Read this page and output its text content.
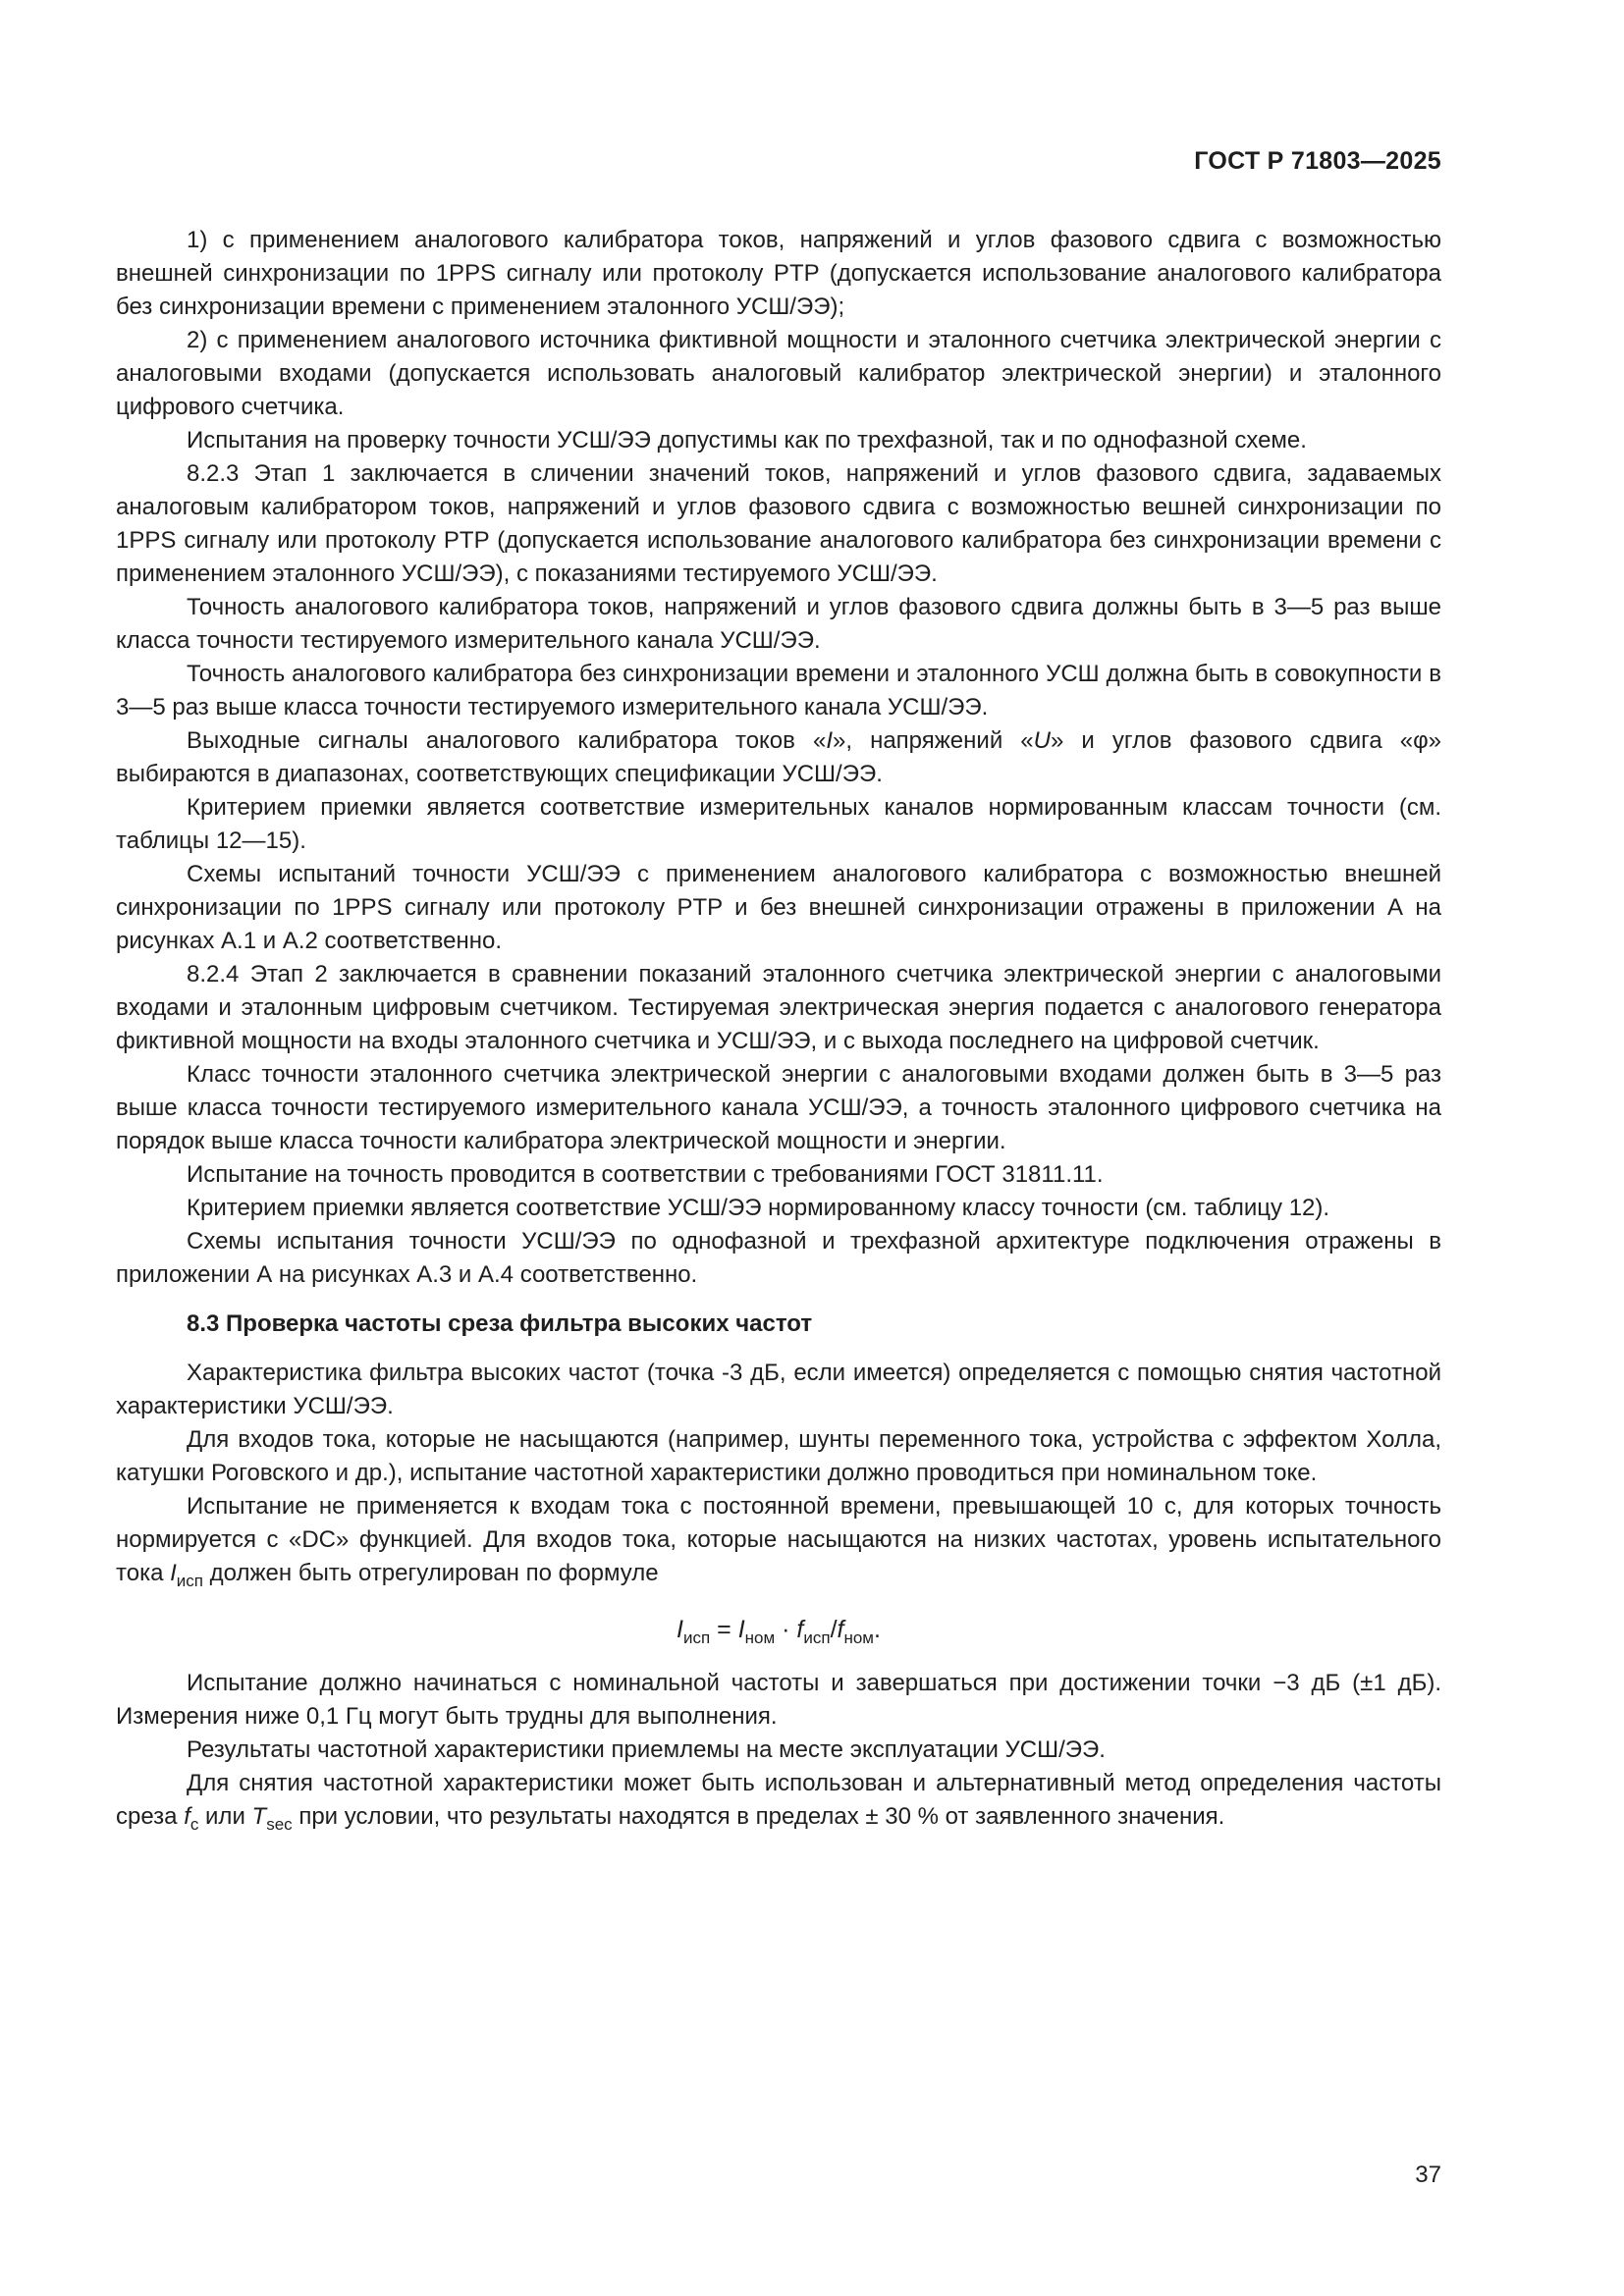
ГОСТ Р 71803—2025

1) с применением аналогового калибратора токов, напряжений и углов фазового сдвига с возможностью внешней синхронизации по 1PPS сигналу или протоколу PTP (допускается использование аналогового калибратора без синхронизации времени с применением эталонного УСШ/ЭЭ);

2) с применением аналогового источника фиктивной мощности и эталонного счетчика электрической энергии с аналоговыми входами (допускается использовать аналоговый калибратор электрической энергии) и эталонного цифрового счетчика.

Испытания на проверку точности УСШ/ЭЭ допустимы как по трехфазной, так и по однофазной схеме.

8.2.3 Этап 1 заключается в сличении значений токов, напряжений и углов фазового сдвига, задаваемых аналоговым калибратором токов, напряжений и углов фазового сдвига с возможностью вешней синхронизации по 1PPS сигналу или протоколу PTP (допускается использование аналогового калибратора без синхронизации времени с применением эталонного УСШ/ЭЭ), с показаниями тестируемого УСШ/ЭЭ.

Точность аналогового калибратора токов, напряжений и углов фазового сдвига должны быть в 3—5 раз выше класса точности тестируемого измерительного канала УСШ/ЭЭ.

Точность аналогового калибратора без синхронизации времени и эталонного УСШ должна быть в совокупности в 3—5 раз выше класса точности тестируемого измерительного канала УСШ/ЭЭ.

Выходные сигналы аналогового калибратора токов «I», напряжений «U» и углов фазового сдвига «φ» выбираются в диапазонах, соответствующих спецификации УСШ/ЭЭ.

Критерием приемки является соответствие измерительных каналов нормированным классам точности (см. таблицы 12—15).

Схемы испытаний точности УСШ/ЭЭ с применением аналогового калибратора с возможностью внешней синхронизации по 1PPS сигналу или протоколу PTP и без внешней синхронизации отражены в приложении А на рисунках А.1 и А.2 соответственно.

8.2.4 Этап 2 заключается в сравнении показаний эталонного счетчика электрической энергии с аналоговыми входами и эталонным цифровым счетчиком. Тестируемая электрическая энергия подается с аналогового генератора фиктивной мощности на входы эталонного счетчика и УСШ/ЭЭ, и с выхода последнего на цифровой счетчик.

Класс точности эталонного счетчика электрической энергии с аналоговыми входами должен быть в 3—5 раз выше класса точности тестируемого измерительного канала УСШ/ЭЭ, а точность эталонного цифрового счетчика на порядок выше класса точности калибратора электрической мощности и энергии.

Испытание на точность проводится в соответствии с требованиями ГОСТ 31811.11.

Критерием приемки является соответствие УСШ/ЭЭ нормированному классу точности (см. таблицу 12).

Схемы испытания точности УСШ/ЭЭ по однофазной и трехфазной архитектуре подключения отражены в приложении А на рисунках А.3 и А.4 соответственно.

8.3 Проверка частоты среза фильтра высоких частот

Характеристика фильтра высоких частот (точка -3 дБ, если имеется) определяется с помощью снятия частотной характеристики УСШ/ЭЭ.

Для входов тока, которые не насыщаются (например, шунты переменного тока, устройства с эффектом Холла, катушки Роговского и др.), испытание частотной характеристики должно проводиться при номинальном токе.

Испытание не применяется к входам тока с постоянной времени, превышающей 10 с, для которых точность нормируется с «DC» функцией. Для входов тока, которые насыщаются на низких частотах, уровень испытательного тока $I_{исп}$ должен быть отрегулирован по формуле

$I_{исп} = I_{ном} \cdot f_{исп}/f_{ном}$.

Испытание должно начинаться с номинальной частоты и завершаться при достижении точки −3 дБ (±1 дБ). Измерения ниже 0,1 Гц могут быть трудны для выполнения.

Результаты частотной характеристики приемлемы на месте эксплуатации УСШ/ЭЭ.

Для снятия частотной характеристики может быть использован и альтернативный метод определения частоты среза $f_c$ или $T_{sec}$ при условии, что результаты находятся в пределах ± 30 % от заявленного значения.

37
